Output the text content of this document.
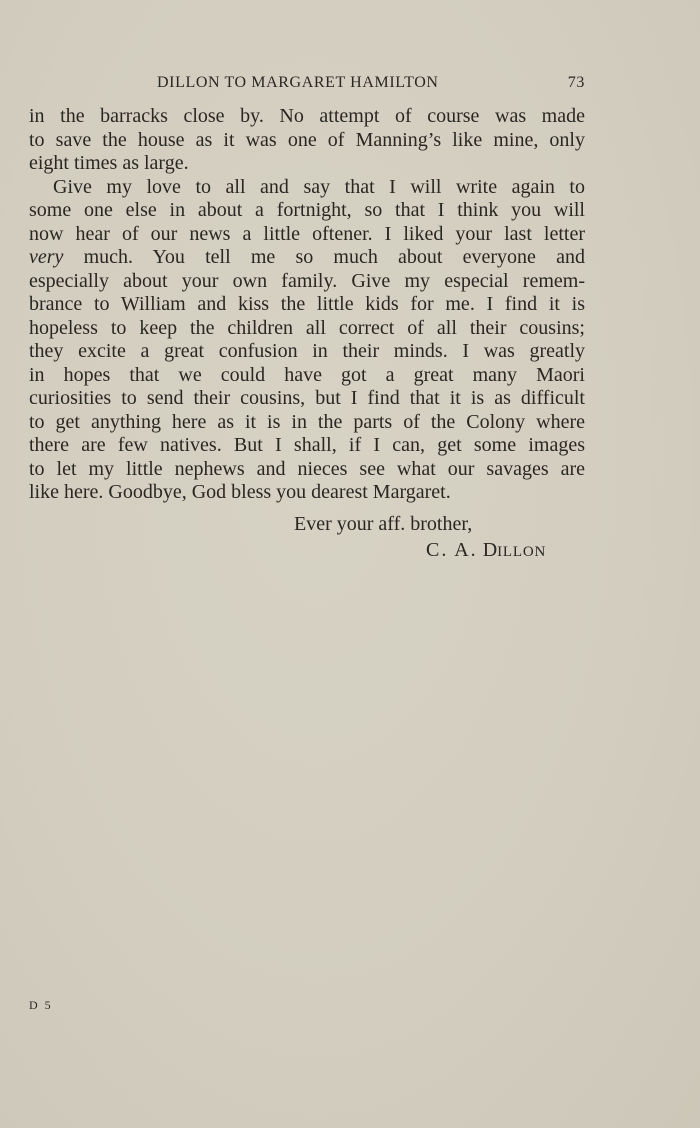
DILLON TO MARGARET HAMILTON	73
in the barracks close by. No attempt of course was made
to save the house as it was one of Manning’s like mine, only
eight times as large.
Give my love to all and say that I will write again to
some one else in about a fortnight, so that I think you will
now hear of our news a little oftener. I liked your last letter
very much. You tell me so much about everyone and
especially about your own family. Give my especial remem-
brance to William and kiss the little kids for me. I find it is
hopeless to keep the children all correct of all their cousins;
they excite a great confusion in their minds. I was greatly
in hopes that we could have got a great many Maori
curiosities to send their cousins, but I find that it is as difficult
to get anything here as it is in the parts of the Colony where
there are few natives. But I shall, if I can, get some images
to let my little nephews and nieces see what our savages are
like here. Goodbye, God bless you dearest Margaret.
Ever your aff. brother,
C. A. DILLON
D 5
